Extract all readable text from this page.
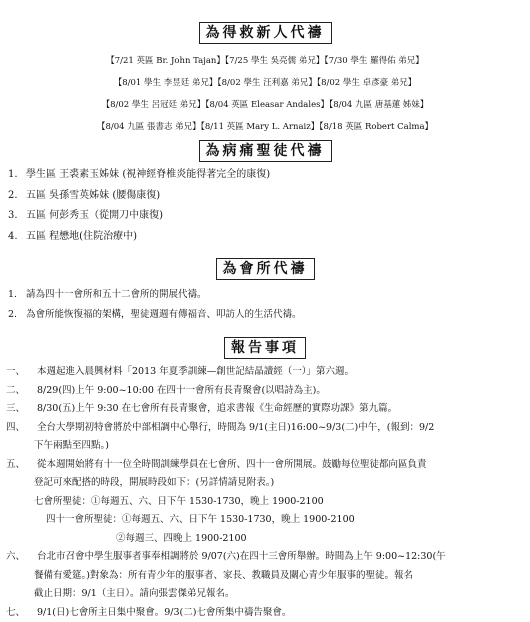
為得救新人代禱
【7/21 英區 Br. John Tajan】【7/25 學生 吳亮儒 弟兄】【7/30 學生 羅得佑 弟兄】
【8/01 學生 李昱廷 弟兄】【8/02 學生 汪利嘉 弟兄】【8/02 學生 卓彥豪 弟兄】
【8/02 學生 呂冠廷 弟兄】【8/04 英區 Eleasar Andales】【8/04 九區 唐基蓮 姊妹】
【8/04 九區 張書志 弟兄】【8/11 英區 Mary L. Arnaiz】【8/18 英區 Robert Calma】
為病痛聖徒代禱
1. 學生區 王裘素玉姊妹 (視神經脊椎炎能得著完全的康復)
2. 五區 吳孫雪英姊妹 (腰傷康復)
3. 五區 何彭秀玉（從開刀中康復)
4. 五區 程懋地(住院治療中)
為會所代禱
1. 請為四十一會所和五十二會所的開展代禱。
2. 為會所能恢復福的架構，聖徒週週有傳福音、叩訪人的生活代禱。
報告事項
一、	本週起進入晨興材料「2013 年夏季訓練—創世記結晶讀經（一）」第六週。
二、	8/29(四)上午 9:00~10:00 在四十一會所有長青聚會(以唱詩為主)。
三、	8/30(五)上午 9:30 在七會所有長青聚會，追求書報《生命經歷的實際功課》第九篇。
四、	全台大學期初特會將於中部相調中心舉行，時間為 9/1(主日)16:00~9/3(二)中午，(報到：9/2
下午兩點至四點。)
五、	從本週開始將有十一位全時間訓練學員在七會所、四十一會所開展。鼓勵每位聖徒都向區負責
登記可來配搭的時段，開展時段如下：(另詳情請見附表。)
七會所聖徒：①每週五、六、日下午 1530-1730，晚上 1900-2100
四十一會所聖徒：①每週五、六、日下午 1530-1730，晚上 1900-2100
②每週三、四晚上 1900-2100
六、	台北市召會中學生服事者事奉相調將於 9/07(六)在四十三會所舉辦。時間為上午 9:00~12:30(午
餐備有愛筵。)對象為：所有青少年的服事者、家長、教職員及關心青少年服事的聖徒。報名
截止日期：9/1（主日）。請向張雲傑弟兄報名。
七、	9/1(日)七會所主日集中聚會。9/3(二)七會所集中禱告聚會。
